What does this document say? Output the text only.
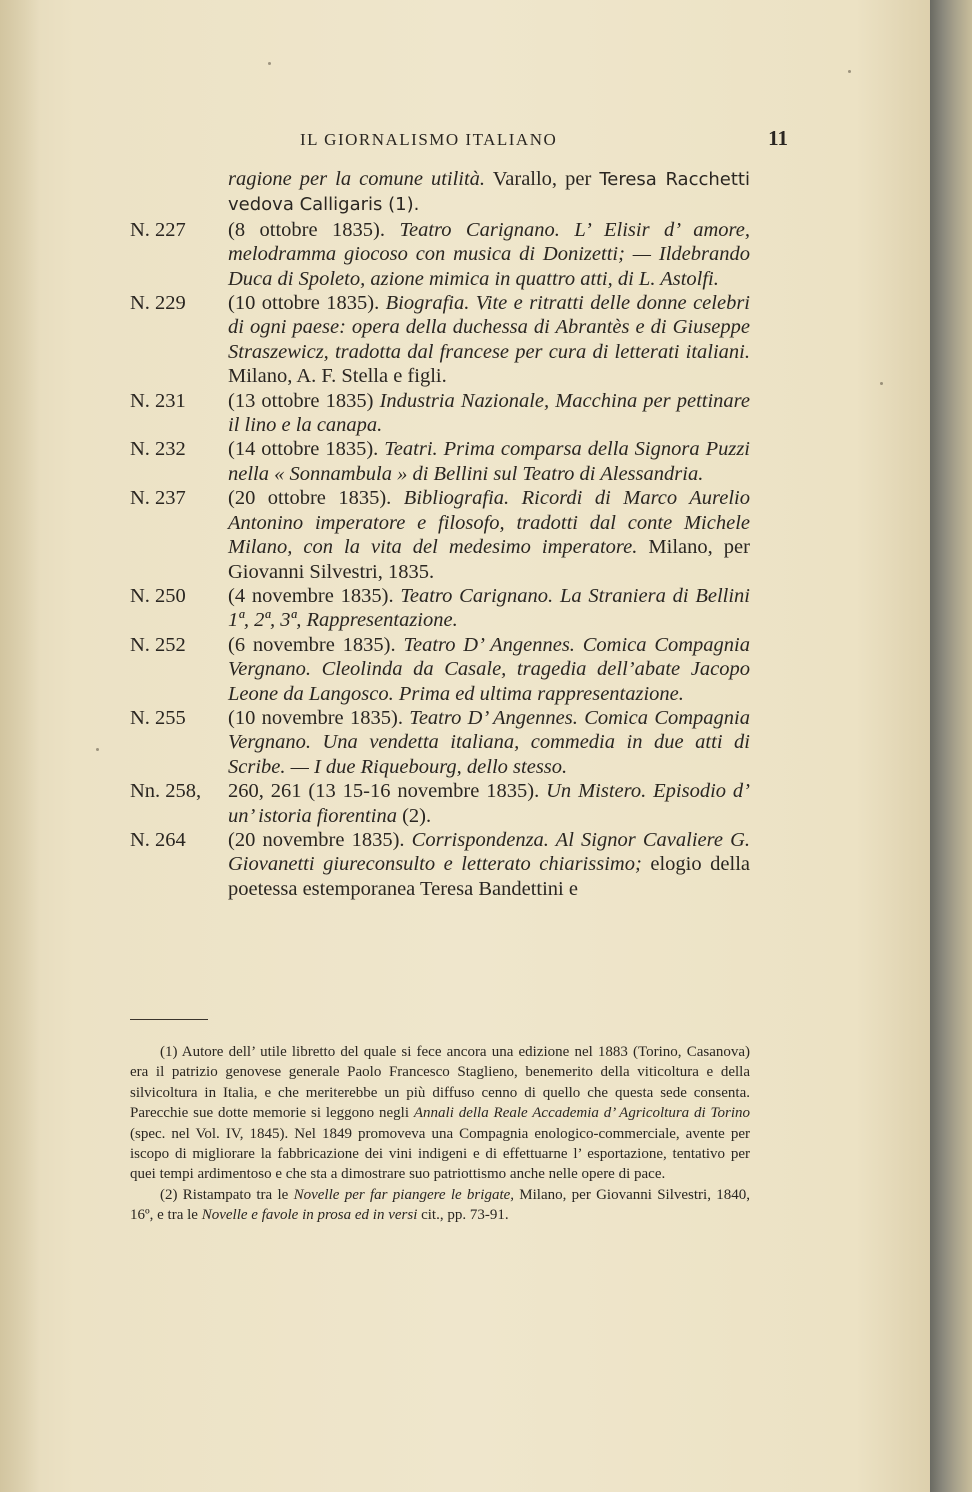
IL GIORNALISMO ITALIANO	11
ragione per la comune utilità. Varallo, per Teresa Racchetti vedova Calligaris (1).
N. 227 (8 ottobre 1835). Teatro Carignano. L’ Elisir d’ amore, melodramma giocoso con musica di Donizetti; — Ildebrando Duca di Spoleto, azione mimica in quattro atti, di L. Astolfi.
N. 229 (10 ottobre 1835). Biografia. Vite e ritratti delle donne celebri di ogni paese: opera della duchessa di Abrantès e di Giuseppe Straszewicz, tradotta dal francese per cura di letterati italiani. Milano, A. F. Stella e figli.
N. 231 (13 ottobre 1835) Industria Nazionale, Macchina per pettinare il lino e la canapa.
N. 232 (14 ottobre 1835). Teatri. Prima comparsa della Signora Puzzi nella « Sonnambula » di Bellini sul Teatro di Alessandria.
N. 237 (20 ottobre 1835). Bibliografia. Ricordi di Marco Aurelio Antonino imperatore e filosofo, tradotti dal conte Michele Milano, con la vita del medesimo imperatore. Milano, per Giovanni Silvestri, 1835.
N. 250 (4 novembre 1835). Teatro Carignano. La Straniera di Bellini 1ª, 2ª, 3ª, Rappresentazione.
N. 252 (6 novembre 1835). Teatro D’ Angennes. Comica Compagnia Vergnano. Cleolinda da Casale, tragedia dell’abate Jacopo Leone da Langosco. Prima ed ultima rappresentazione.
N. 255 (10 novembre 1835). Teatro D’ Angennes. Comica Compagnia Vergnano. Una vendetta italiana, commedia in due atti di Scribe. — I due Riquebourg, dello stesso.
Nn. 258, 260, 261 (13 15-16 novembre 1835). Un Mistero. Episodio d’ un’ istoria fiorentina (2).
N. 264 (20 novembre 1835). Corrispondenza. Al Signor Cavaliere G. Giovanetti giureconsulto e letterato chiarissimo; elogio della poetessa estemporanea Teresa Bandettini e

(1) Autore dell’ utile libretto del quale si fece ancora una edizione nel 1883 (Torino, Casanova) era il patrizio genovese generale Paolo Francesco Staglieno, benemerito della viticoltura e della silvicoltura in Italia, e che meriterebbe un più diffuso cenno di quello che questa sede consenta. Parecchie sue dotte memorie si leggono negli Annali della Reale Accademia d’ Agricoltura di Torino (spec. nel Vol. IV, 1845). Nel 1849 promoveva una Compagnia enologico-commerciale, avente per iscopo di migliorare la fabbricazione dei vini indigeni e di effettuarne l’ esportazione, tentativo per quei tempi ardimentoso e che sta a dimostrare suo patriottismo anche nelle opere di pace.

(2) Ristampato tra le Novelle per far piangere le brigate, Milano, per Giovanni Silvestri, 1840, 16º, e tra le Novelle e favole in prosa ed in versi cit., pp. 73-91.
